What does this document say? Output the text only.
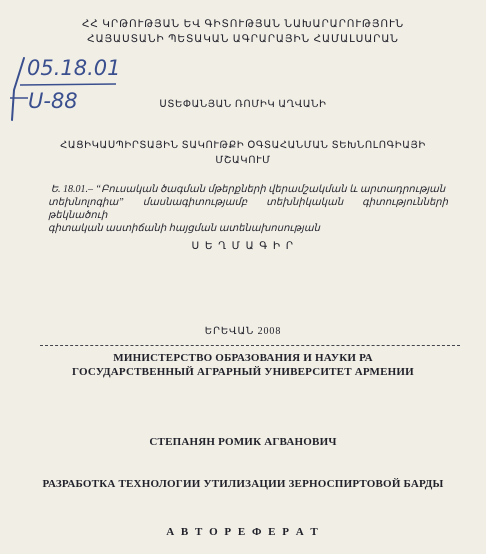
ՀՀ ԿՐԹՈՒԹՅԱՆ ԵՎ ԳԻՏՈՒԹՅԱՆ ՆԱԽԱՐԱՐՈՒԹՅՈՒՆ
ՀԱՅԱՍՏԱՆԻ ՊԵՏԱԿԱՆ ԱԳՐԱՐԱՅԻՆ ՀԱՄԱԼՍԱՐԱՆ
05.18.01
U-88	ՍՏԵՓԱՆՅԱՆ ՌՈՄԻԿ ԱՂՎԱՆԻ
ՀԱՑԻԿԱՍՊԻՐՏԱՅԻՆ ՏԱԿՈՒԹՔԻ ՕԳՏԱՀԱՆՄԱՆ ՏԵԽՆՈԼՈԳԻԱՅԻ
ՄՇԱԿՈՒՄ
Ե. 18.01.– “Բուսական ծագման մթերքների վերամշակման և արտադրության
տեխնոլոգիա” մասնագիտությամբ տեխնիկական գիտությունների թեկնածուի
գիտական աստիճանի հայցման ատենախոսության
Ս Ե Ղ Մ Ա Գ Ի Ր
ԵՐԵՎԱՆ 2008
МИНИСТЕРСТВО ОБРАЗОВАНИЯ И НАУКИ РА
ГОСУДАРСТВЕННЫЙ АГРАРНЫЙ УНИВЕРСИТЕТ АРМЕНИИ
СТЕПАНЯН РОМИК АГВАНОВИЧ
РАЗРАБОТКА ТЕХНОЛОГИИ УТИЛИЗАЦИИ ЗЕРНОСПИРТОВОЙ БАРДЫ
А В Т О Р Е Ф Е Р А Т
